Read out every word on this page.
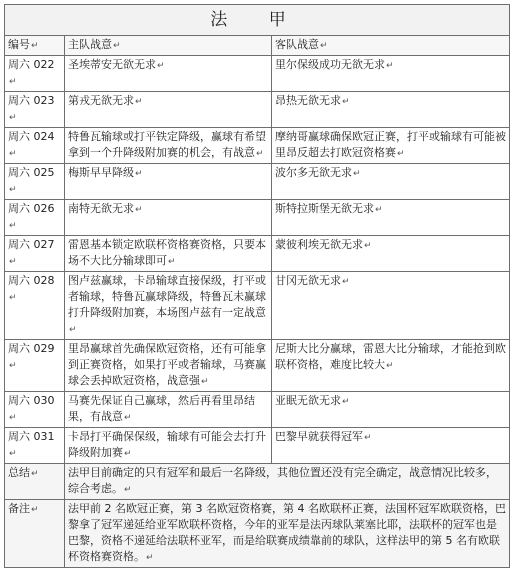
法 甲		
编号↵	主队战意↵	客队战意↵
周六 022↵	圣埃蒂安无欲无求↵	里尔保级成功无欲无求↵
周六 023↵	第戎无欲无求↵	昂热无欲无求↵
周六 024↵	特鲁瓦输球或打平铁定降级，赢球有希望拿到一个升降级附加赛的机会，有战意↵	摩纳哥赢球确保欧冠正赛，打平或输球有可能被里昂反超去打欧冠资格赛↵
周六 025↵	梅斯早早降级↵	波尔多无欲无求↵
周六 026↵	南特无欲无求↵	斯特拉斯堡无欲无求↵
周六 027↵	雷恩基本锁定欧联杯资格赛资格，只要本场不大比分输球即可↵	蒙彼利埃无欲无求↵
周六 028↵	图卢兹赢球，卡昂输球直接保级，打平或者输球，特鲁瓦赢球降级，特鲁瓦未赢球打升降级附加赛，本场图卢兹有一定战意↵	甘冈无欲无求↵
周六 029↵	里昂赢球首先确保欧冠资格，还有可能拿到正赛资格，如果打平或者输球，马赛赢球会丢掉欧冠资格，战意强↵	尼斯大比分赢球，雷恩大比分输球，才能抢到欧联杯资格，难度比较大↵
周六 030↵	马赛先保证自己赢球，然后再看里昂结果，有战意↵	亚眠无欲无求↵
周六 031↵	卡昂打平确保保级，输球有可能会去打升降级附加赛↵	巴黎早就获得冠军↵
总结↵	法甲目前确定的只有冠军和最后一名降级，其他位置还没有完全确定，战意情况比较多，综合考虑。↵	
备注↵	法甲前 2 名欧冠正赛，第 3 名欧冠资格赛，第 4 名欧联杯正赛，法国杯冠军欧联资格，巴黎拿了冠军递延给亚军欧联杯资格，今年的亚军是法丙球队莱塞比耶，法联杯的冠军也是巴黎，资格不递延给法联杯亚军，而是给联赛成绩靠前的球队，这样法甲的第 5 名有欧联杯资格赛资格。↵	
